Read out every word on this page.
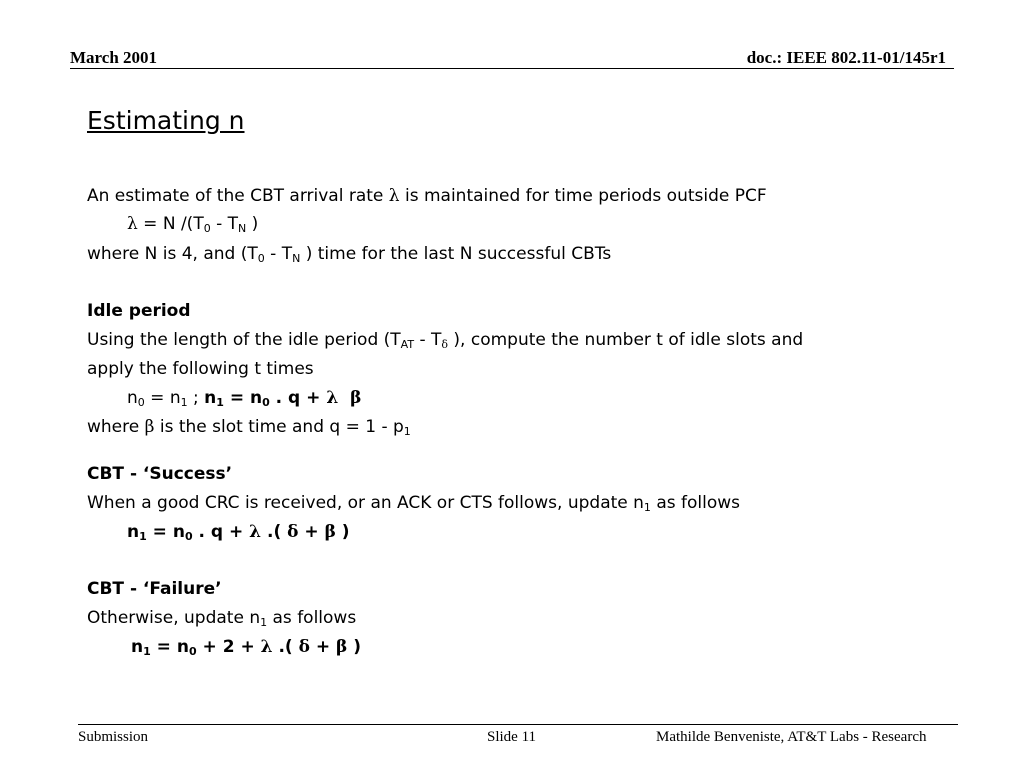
March 2001	doc.: IEEE 802.11-01/145r1
Estimating n
An estimate of the CBT arrival rate λ is maintained for time periods outside PCF
λ = N $/(T_0 - T_N$ )
where N is 4, and ($T_0 - T_N$ ) time for the last N successful CBTs
Idle period
Using the length of the idle period ($T_{AT} - T_\delta$ ), compute the number t of idle slots and
apply the following t times
$n_0 = n_1$ ; $n_1 = n_0$ . q + λ β
where β is the slot time and $q = 1 - p_1$
CBT - ‘Success’
When a good CRC is received, or an ACK or CTS follows, update $n_1$ as follows
$n_1 = n_0$ . q + λ .( δ + β )
CBT - ‘Failure’
Otherwise, update $n_1$ as follows
$n_1 = n_0 + 2 + \lambda$ .( δ + β )
Submission	Slide 11	Mathilde Benveniste, AT&T Labs - Research
